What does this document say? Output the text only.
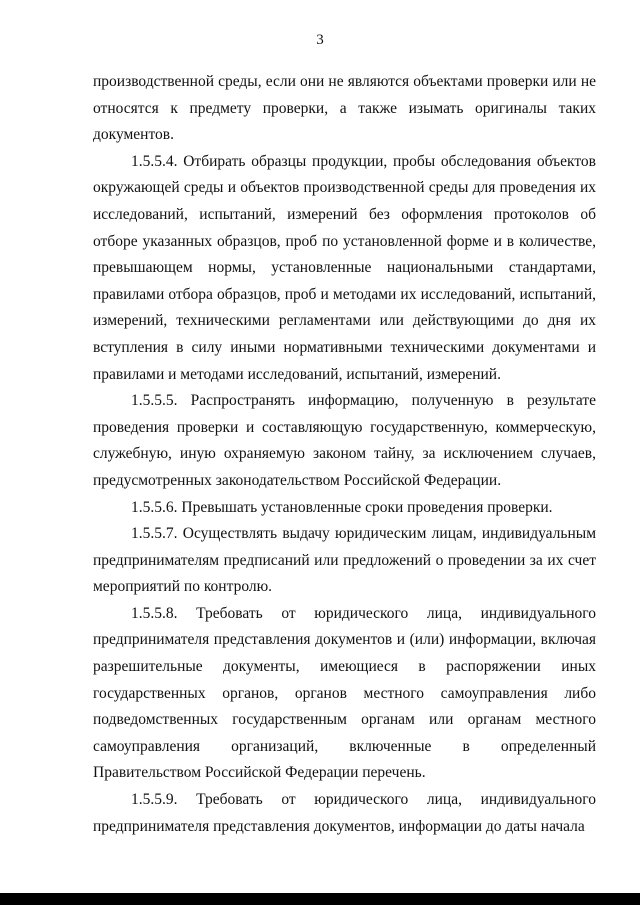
3

производственной среды, если они не являются объектами проверки или не относятся к предмету проверки, а также изымать оригиналы таких документов.

1.5.5.4. Отбирать образцы продукции, пробы обследования объектов окружающей среды и объектов производственной среды для проведения их исследований, испытаний, измерений без оформления протоколов об отборе указанных образцов, проб по установленной форме и в количестве, превышающем нормы, установленные национальными стандартами, правилами отбора образцов, проб и методами их исследований, испытаний, измерений, техническими регламентами или действующими до дня их вступления в силу иными нормативными техническими документами и правилами и методами исследований, испытаний, измерений.

1.5.5.5. Распространять информацию, полученную в результате проведения проверки и составляющую государственную, коммерческую, служебную, иную охраняемую законом тайну, за исключением случаев, предусмотренных законодательством Российской Федерации.

1.5.5.6. Превышать установленные сроки проведения проверки.

1.5.5.7. Осуществлять выдачу юридическим лицам, индивидуальным предпринимателям предписаний или предложений о проведении за их счет мероприятий по контролю.

1.5.5.8. Требовать от юридического лица, индивидуального предпринимателя представления документов и (или) информации, включая разрешительные документы, имеющиеся в распоряжении иных государственных органов, органов местного самоуправления либо подведомственных государственным органам или органам местного самоуправления организаций, включенные в определенный Правительством Российской Федерации перечень.

1.5.5.9. Требовать от юридического лица, индивидуального предпринимателя представления документов, информации до даты начала
